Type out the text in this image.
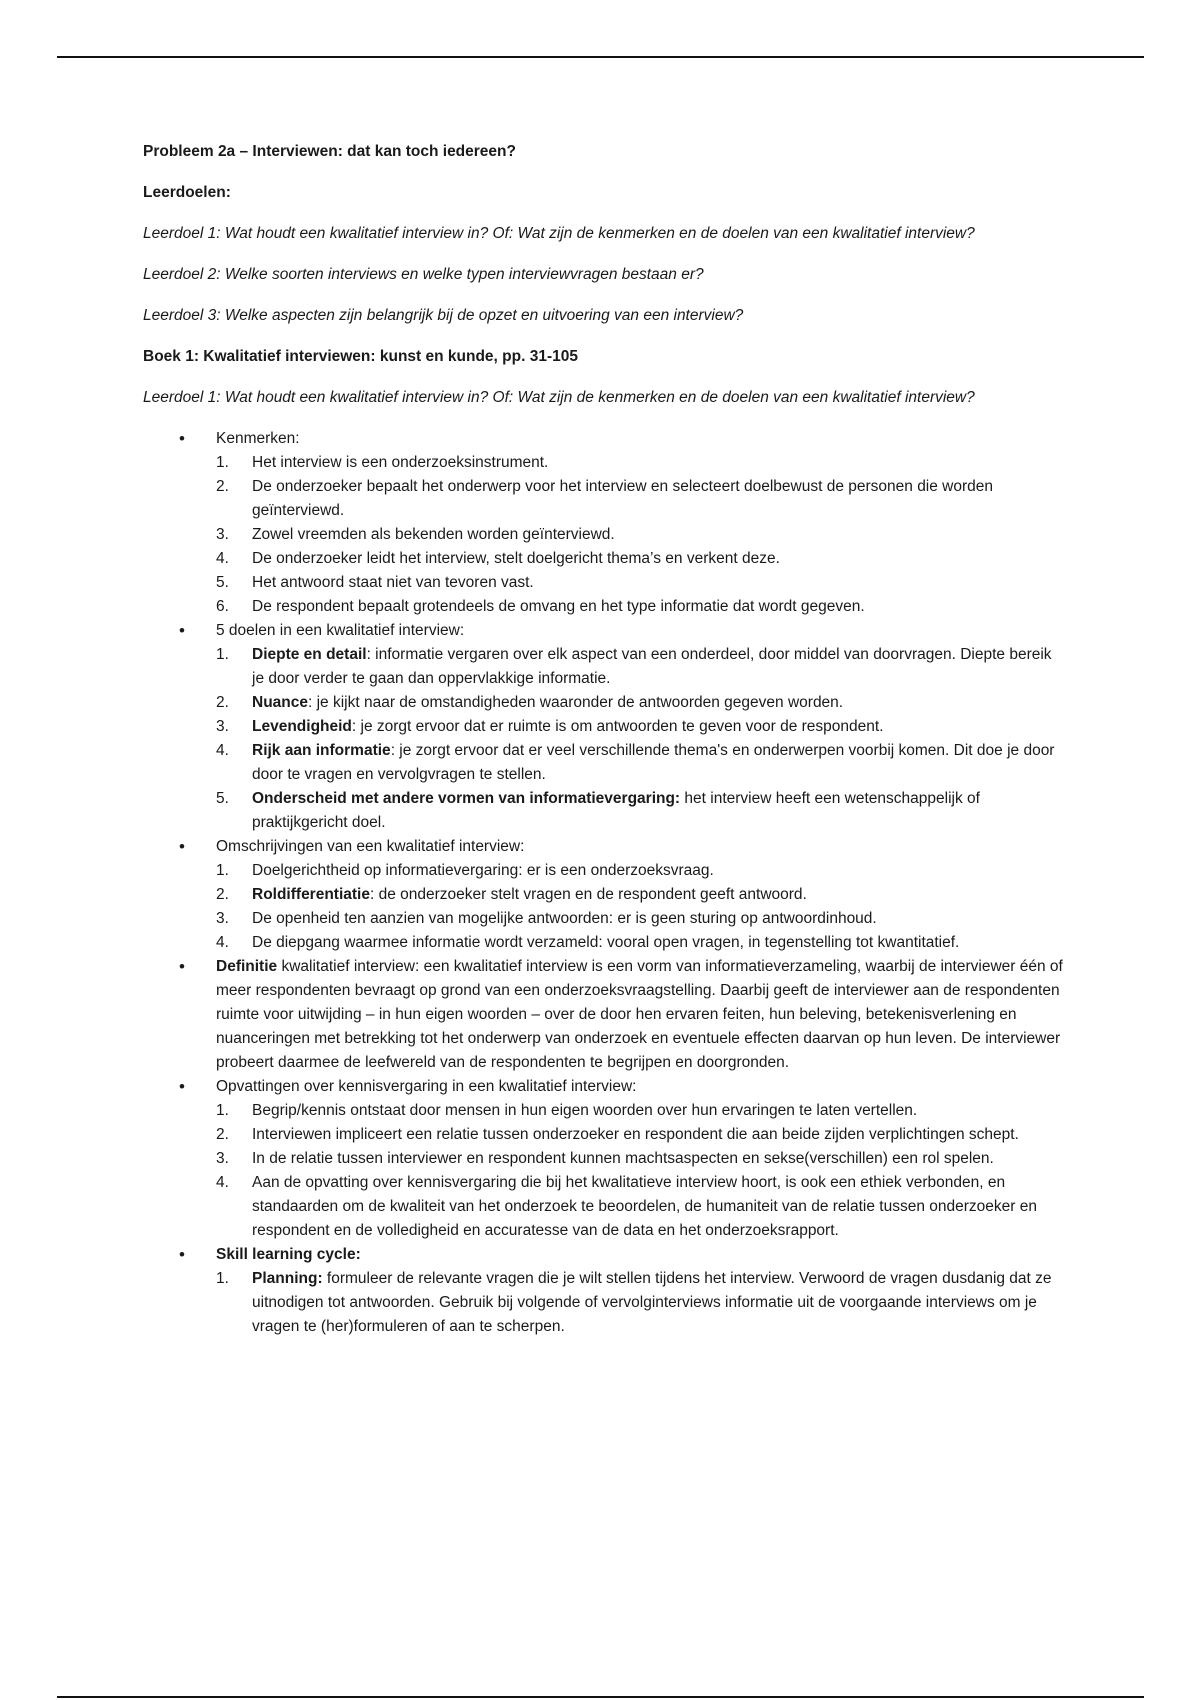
Probleem 2a – Interviewen: dat kan toch iedereen?

Leerdoelen:

Leerdoel 1: Wat houdt een kwalitatief interview in? Of: Wat zijn de kenmerken en de doelen van een kwalitatief interview?

Leerdoel 2: Welke soorten interviews en welke typen interviewvragen bestaan er?

Leerdoel 3: Welke aspecten zijn belangrijk bij de opzet en uitvoering van een interview?

Boek 1: Kwalitatief interviewen: kunst en kunde, pp. 31-105

Leerdoel 1: Wat houdt een kwalitatief interview in? Of: Wat zijn de kenmerken en de doelen van een kwalitatief interview?

• Kenmerken:
1.	Het interview is een onderzoeksinstrument.
2.	De onderzoeker bepaalt het onderwerp voor het interview en selecteert doelbewust de personen die worden geïnterviewd.
3.	Zowel vreemden als bekenden worden geïnterviewd.
4.	De onderzoeker leidt het interview, stelt doelgericht thema’s en verkent deze.
5.	Het antwoord staat niet van tevoren vast.
6.	De respondent bepaalt grotendeels de omvang en het type informatie dat wordt gegeven.
• 5 doelen in een kwalitatief interview:
1.	Diepte en detail: informatie vergaren over elk aspect van een onderdeel, door middel van doorvragen. Diepte bereik je door verder te gaan dan oppervlakkige informatie.
2.	Nuance: je kijkt naar de omstandigheden waaronder de antwoorden gegeven worden.
3.	Levendigheid: je zorgt ervoor dat er ruimte is om antwoorden te geven voor de respondent.
4.	Rijk aan informatie: je zorgt ervoor dat er veel verschillende thema's en onderwerpen voorbij komen. Dit doe je door door te vragen en vervolgvragen te stellen.
5.	Onderscheid met andere vormen van informatievergaring: het interview heeft een wetenschappelijk of praktijkgericht doel.
• Omschrijvingen van een kwalitatief interview:
1.	Doelgerichtheid op informatievergaring: er is een onderzoeksvraag.
2.	Roldifferentiatie: de onderzoeker stelt vragen en de respondent geeft antwoord.
3.	De openheid ten aanzien van mogelijke antwoorden: er is geen sturing op antwoordinhoud.
4.	De diepgang waarmee informatie wordt verzameld: vooral open vragen, in tegenstelling tot kwantitatief.
• Definitie kwalitatief interview: een kwalitatief interview is een vorm van informatieverzameling, waarbij de interviewer één of meer respondenten bevraagt op grond van een onderzoeksvraagstelling. Daarbij geeft de interviewer aan de respondenten ruimte voor uitwijding – in hun eigen woorden – over de door hen ervaren feiten, hun beleving, betekenisverlening en nuanceringen met betrekking tot het onderwerp van onderzoek en eventuele effecten daarvan op hun leven. De interviewer probeert daarmee de leefwereld van de respondenten te begrijpen en doorgronden.
• Opvattingen over kennisvergaring in een kwalitatief interview:
1.	Begrip/kennis ontstaat door mensen in hun eigen woorden over hun ervaringen te laten vertellen.
2.	Interviewen impliceert een relatie tussen onderzoeker en respondent die aan beide zijden verplichtingen schept.
3.	In de relatie tussen interviewer en respondent kunnen machtsaspecten en sekse(verschillen) een rol spelen.
4.	Aan de opvatting over kennisvergaring die bij het kwalitatieve interview hoort, is ook een ethiek verbonden, en standaarden om de kwaliteit van het onderzoek te beoordelen, de humaniteit van de relatie tussen onderzoeker en respondent en de volledigheid en accuratesse van de data en het onderzoeksrapport.
• Skill learning cycle:
1.	Planning: formuleer de relevante vragen die je wilt stellen tijdens het interview. Verwoord de vragen dusdanig dat ze uitnodigen tot antwoorden. Gebruik bij volgende of vervolginterviews informatie uit de voorgaande interviews om je vragen te (her)formuleren of aan te scherpen.
